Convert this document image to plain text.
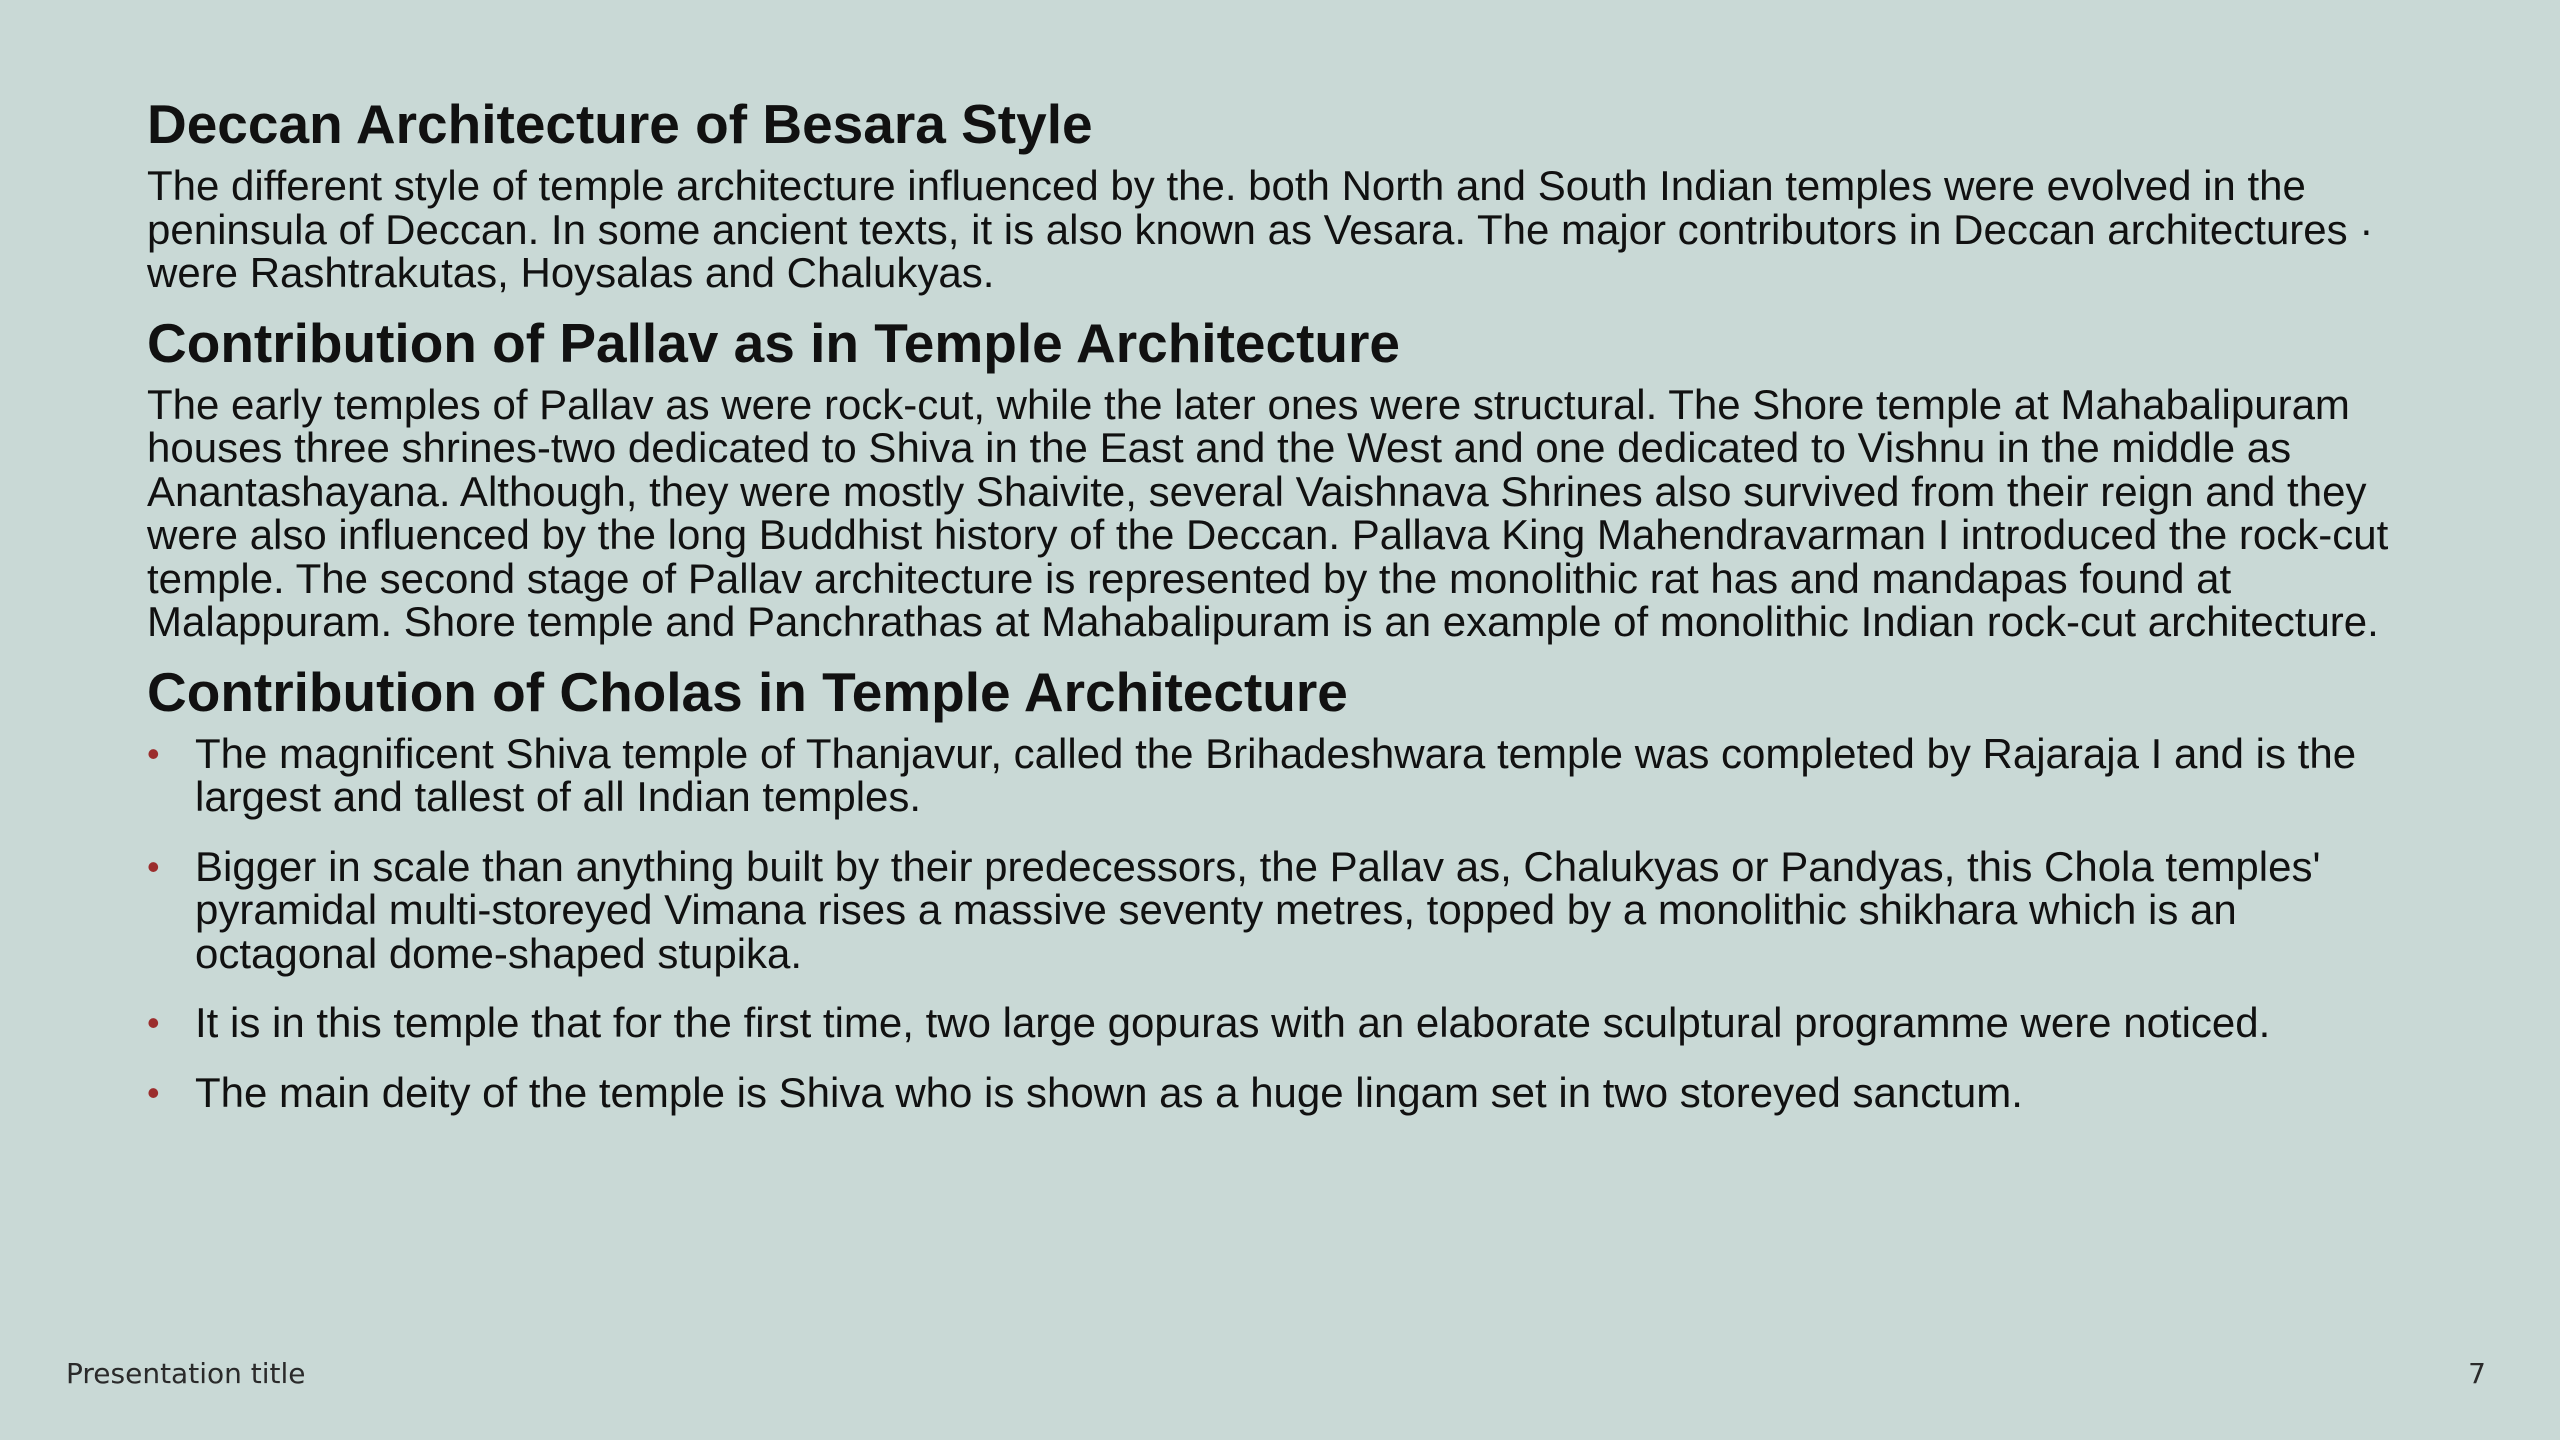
Deccan Architecture of Besara Style

The different style of temple architecture influenced by the. both North and South Indian temples were evolved in the peninsula of Deccan. In some ancient texts, it is also known as Vesara. The major contributors in Deccan architectures · were Rashtrakutas, Hoysalas and Chalukyas.

Contribution of Pallav as in Temple Architecture

The early temples of Pallav as were rock-cut, while the later ones were structural. The Shore temple at Mahabalipuram houses three shrines-two dedicated to Shiva in the East and the West and one dedicated to Vishnu in the middle as Anantashayana. Although, they were mostly Shaivite, several Vaishnava Shrines also survived from their reign and they were also influenced by the long Buddhist history of the Deccan. Pallava King Mahendravarman I introduced the rock-cut temple. The second stage of Pallav architecture is represented by the monolithic rat has and mandapas found at Malappuram. Shore temple and Panchrathas at Mahabalipuram is an example of monolithic Indian rock-cut architecture.

Contribution of Cholas in Temple Architecture
• The magnificent Shiva temple of Thanjavur, called the Brihadeshwara temple was completed by Rajaraja I and is the largest and tallest of all Indian temples.
• Bigger in scale than anything built by their predecessors, the Pallav as, Chalukyas or Pandyas, this Chola temples' pyramidal multi-storeyed Vimana rises a massive seventy metres, topped by a monolithic shikhara which is an octagonal dome-shaped stupika.
• It is in this temple that for the first time, two large gopuras with an elaborate sculptural programme were noticed.
• The main deity of the temple is Shiva who is shown as a huge lingam set in two storeyed sanctum.
Presentation title	7
